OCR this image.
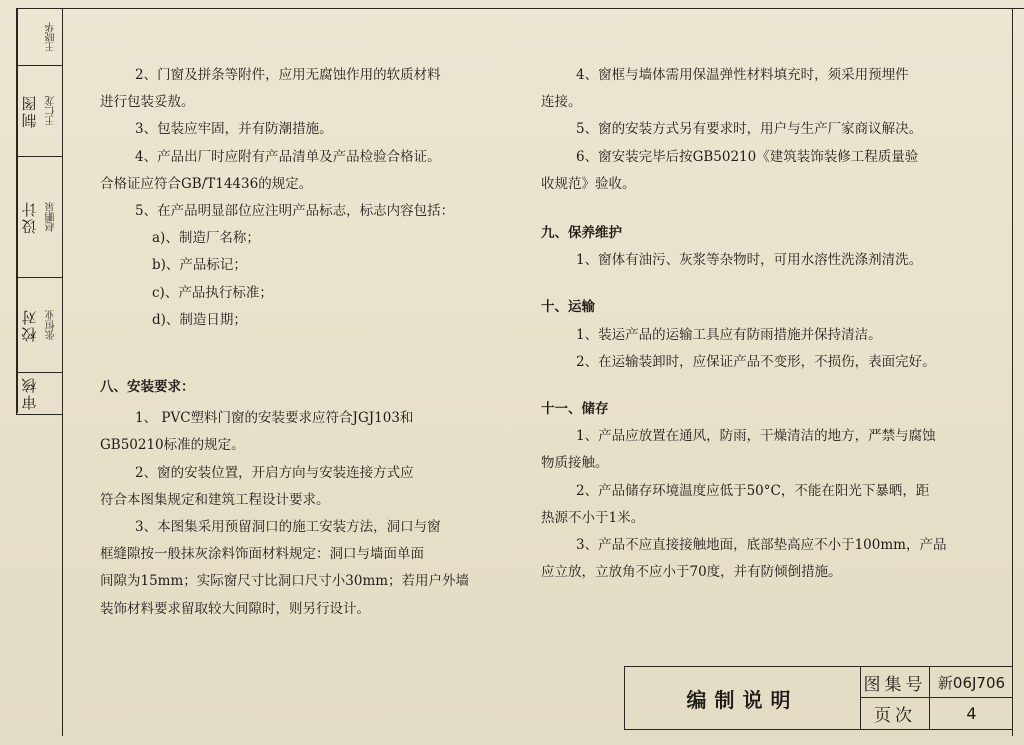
王晓华
制图 王仁龙
设计 赵鹏泉
校对 张恒业
审核

2、门窗及拼条等附件，应用无腐蚀作用的软质材料

进行包装妥敖。

3、包装应牢固，并有防潮措施。

4、产品出厂时应附有产品清单及产品检验合格证。

合格证应符合GB/T14436的规定。

5、在产品明显部位应注明产品标志，标志内容包括：

a)、制造厂名称；

b)、产品标记；

c)、产品执行标准；

d)、制造日期；

八、安装要求：

1、 PVC塑料门窗的安装要求应符合JGJ103和

GB50210标准的规定。

2、窗的安装位置，开启方向与安装连接方式应

符合本图集规定和建筑工程设计要求。

3、本图集采用预留洞口的施工安装方法，洞口与窗

框缝隙按一般抹灰涂料饰面材料规定：洞口与墙面单面

间隙为15mm；实际窗尺寸比洞口尺寸小30mm；若用户外墙

装饰材料要求留取较大间隙时，则另行设计。

4、窗框与墙体需用保温弹性材料填充时，须采用预埋件

连接。

5、窗的安装方式另有要求时，用户与生产厂家商议解决。

6、窗安装完毕后按GB50210《建筑装饰装修工程质量验

收规范》验收。

九、保养维护

1、窗体有油污、灰浆等杂物时，可用水溶性洗涤剂清洗。

十、运输

1、装运产品的运输工具应有防雨措施并保持清洁。

2、在运输装卸时，应保证产品不变形，不损伤，表面完好。

十一、储存

1、产品应放置在通风，防雨，干燥清洁的地方，严禁与腐蚀

物质接触。

2、产品储存环境温度应低于50°C，不能在阳光下暴晒，距

热源不小于1米。

3、产品不应直接接触地面，底部垫高应不小于100mm，产品

应立放，立放角不应小于70度，并有防倾倒措施。

编制说明
图集号 新06J706
页次	4
